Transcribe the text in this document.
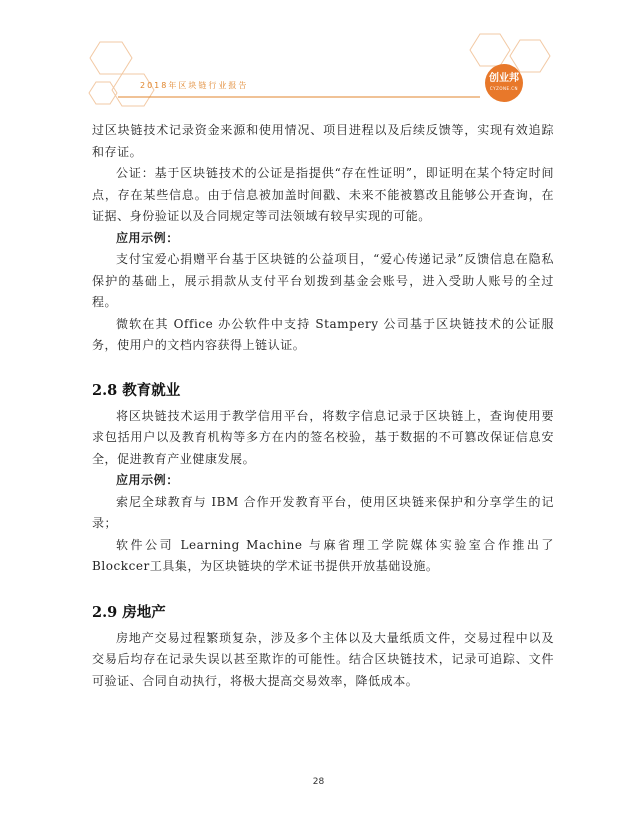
2018年区块链行业报告
创业邦
CYZONE.CN

过区块链技术记录资金来源和使用情况、项目进程以及后续反馈等，实现有效追踪和存证。

公证：基于区块链技术的公证是指提供“存在性证明”，即证明在某个特定时间点，存在某些信息。由于信息被加盖时间戳、未来不能被篡改且能够公开查询，在证据、身份验证以及合同规定等司法领域有较早实现的可能。

应用示例：

支付宝爱心捐赠平台基于区块链的公益项目，“爱心传递记录”反馈信息在隐私保护的基础上，展示捐款从支付平台划拨到基金会账号，进入受助人账号的全过程。

微软在其 Office 办公软件中支持 Stampery 公司基于区块链技术的公证服务，使用户的文档内容获得上链认证。

2.8 教育就业

将区块链技术运用于教学信用平台，将数字信息记录于区块链上，查询使用要求包括用户以及教育机构等多方在内的签名校验，基于数据的不可篡改保证信息安全，促进教育产业健康发展。

应用示例：

索尼全球教育与 IBM 合作开发教育平台，使用区块链来保护和分享学生的记录；

软件公司 Learning Machine 与麻省理工学院媒体实验室合作推出了Blockcer工具集，为区块链块的学术证书提供开放基础设施。

2.9 房地产

房地产交易过程繁琐复杂，涉及多个主体以及大量纸质文件，交易过程中以及交易后均存在记录失误以甚至欺诈的可能性。结合区块链技术，记录可追踪、文件可验证、合同自动执行，将极大提高交易效率，降低成本。

28
